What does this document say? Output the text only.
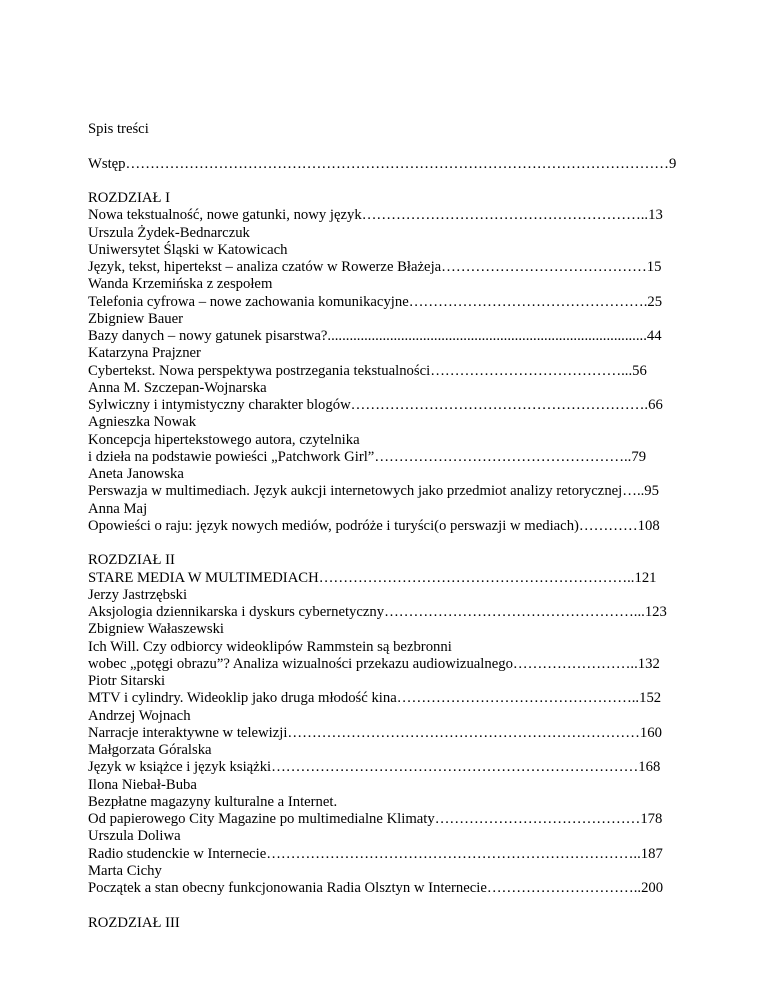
Spis treści
Wstęp…………………………………………………………………………………………………9
ROZDZIAŁ I
Nowa tekstualność, nowe gatunki, nowy język…………………………………………………..13
Urszula Żydek-Bednarczuk
Uniwersytet Śląski w Katowicach
Język, tekst, hipertekst – analiza czatów w Rowerze Błażeja……………………………………15
Wanda Krzemińska z zespołem
Telefonia cyfrowa – nowe zachowania komunikacyjne………………………………………….25
Zbigniew Bauer
Bazy danych – nowy gatunek pisarstwa?.......................................................................................44
Katarzyna Prajzner
Cybertekst. Nowa perspektywa postrzegania tekstualności…………………………………...56
Anna M. Szczepan-Wojnarska
Sylwiczny i intymistyczny charakter blogów…………………………………………………….66
Agnieszka Nowak
Koncepcja hipertekstowego autora, czytelnika
i dzieła na podstawie powieści „Patchwork Girl”……………………………………………..79
Aneta Janowska
Perswazja w multimediach. Język aukcji internetowych jako przedmiot analizy retorycznej…..95
Anna Maj
Opowieści o raju: język nowych mediów, podróże i turyści(o perswazji w mediach)…………108
ROZDZIAŁ II
STARE MEDIA W MULTIMEDIACH………………………………………………………..121
Jerzy Jastrzębski
Aksjologia dziennikarska i dyskurs cybernetyczny……………………………………………...123
Zbigniew Wałaszewski
Ich Will. Czy odbiorcy wideoklipów Rammstein są bezbronni
wobec „potęgi obrazu”? Analiza wizualności przekazu audiowizualnego……………………..132
Piotr Sitarski
MTV i cylindry. Wideoklip jako druga młodość kina…………………………………………..152
Andrzej Wojnach
Narracje interaktywne w telewizji………………………………………………………………160
Małgorzata Góralska
Język w książce i język książki…………………………………………………………………168
Ilona Niebał-Buba
Bezpłatne magazyny kulturalne a Internet.
Od papierowego City Magazine po multimedialne Klimaty……………………………………178
Urszula Doliwa
Radio studenckie w Internecie…………………………………………………………………..187
Marta Cichy
Początek a stan obecny funkcjonowania Radia Olsztyn w Internecie…………………………..200
ROZDZIAŁ III
